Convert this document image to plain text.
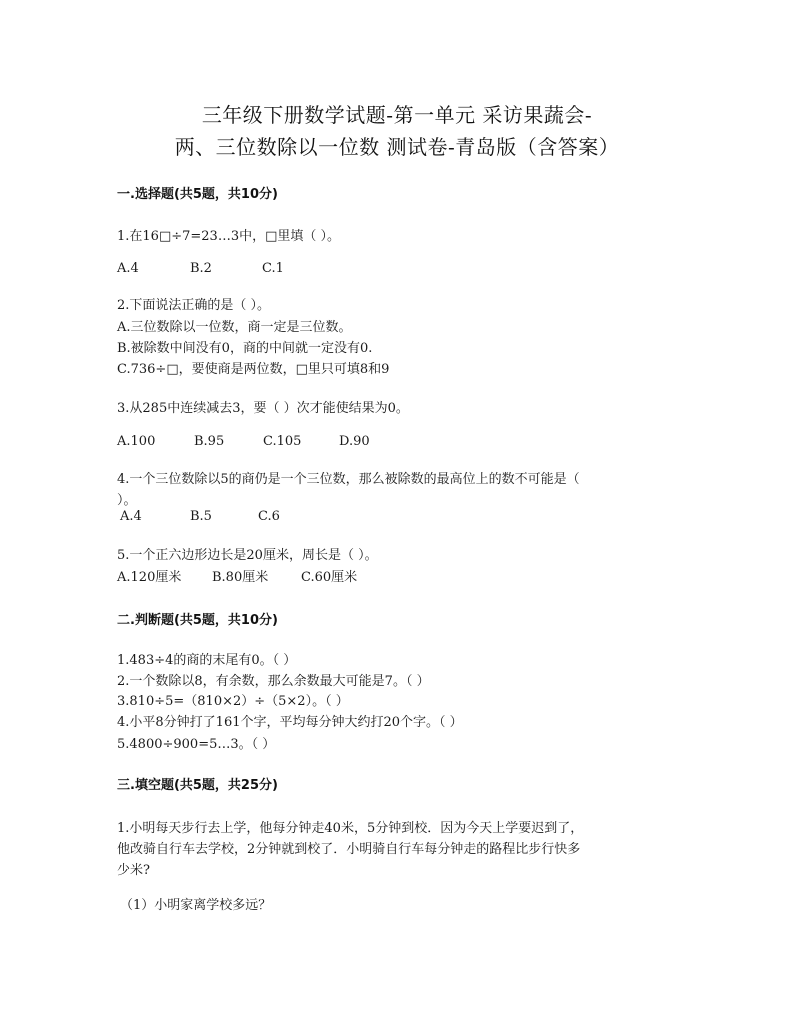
三年级下册数学试题-第一单元 采访果蔬会-
两、三位数除以一位数 测试卷-青岛版（含答案）
一.选择题(共5题，共10分)
1.在16□÷7=23…3中，□里填（ ）。
A.4	B.2	C.1
2.下面说法正确的是（ ）。
A.三位数除以一位数，商一定是三位数。
B.被除数中间没有0，商的中间就一定没有0.
C.736÷□，要使商是两位数，□里只可填8和9
3.从285中连续减去3，要（ ）次才能使结果为0。
A.100	B.95	C.105	D.90
4.一个三位数除以5的商仍是一个三位数，那么被除数的最高位上的数不可能是（
）。
A.4	B.5	C.6
5.一个正六边形边长是20厘米，周长是（ ）。
A.120厘米 B.80厘米	C.60厘米
二.判断题(共5题，共10分)
1.483÷4的商的末尾有0。（ ）
2.一个数除以8，有余数，那么余数最大可能是7。（ ）
3.810÷5=（810×2）÷（5×2）。（ ）
4.小平8分钟打了161个字，平均每分钟大约打20个字。（ ）
5.4800÷900=5…3。（ ）
三.填空题(共5题，共25分)
1.小明每天步行去上学，他每分钟走40米，5分钟到校．因为今天上学要迟到了，
他改骑自行车去学校，2分钟就到校了．小明骑自行车每分钟走的路程比步行快多
少米?
（1）小明家离学校多远？
